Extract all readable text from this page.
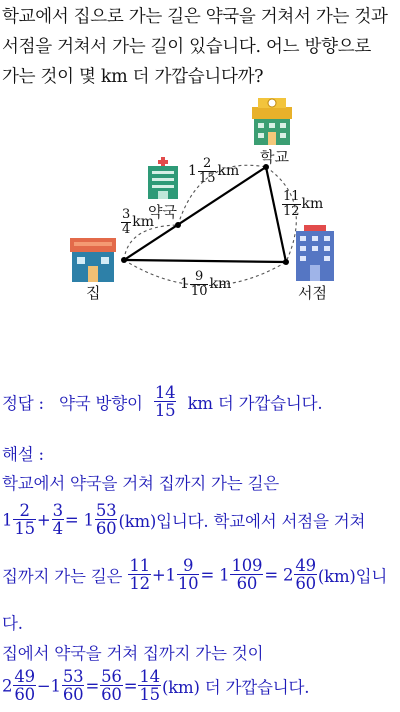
학교에서 집으로 가는 길은 약국을 거쳐서 가는 것과
서점을 거쳐서 가는 길이 있습니다. 어느 방향으로
가는 것이 몇 km 더 가깝습니다까?
학교
약국
집	서점
$1 \frac{2}{15}$ km
$\frac{3}{4}$ km
$\frac{11}{12}$ km
$1 \frac{9}{10}$ km
정답 : 약국 방향이 $\frac{14}{15}$ km 더 가깝습니다.
해설 :
학교에서 약국을 거쳐 집까지 가는 길은
$1 \frac{2}{15} + \frac{3}{4} = 1 \frac{53}{60} (km)$입니다. 학교에서 서점을 거쳐
집까지 가는 길은 $\frac{11}{12} +1 \frac{9}{10} = 1 \frac{109}{60} = 2 \frac{49}{60} (km)$입니
다.
집에서 약국을 거쳐 집까지 가는 것이
$2 \frac{49}{60} -1 \frac{53}{60} = \frac{56}{60} = \frac{14}{15} (km)$ 더 가깝습니다.
